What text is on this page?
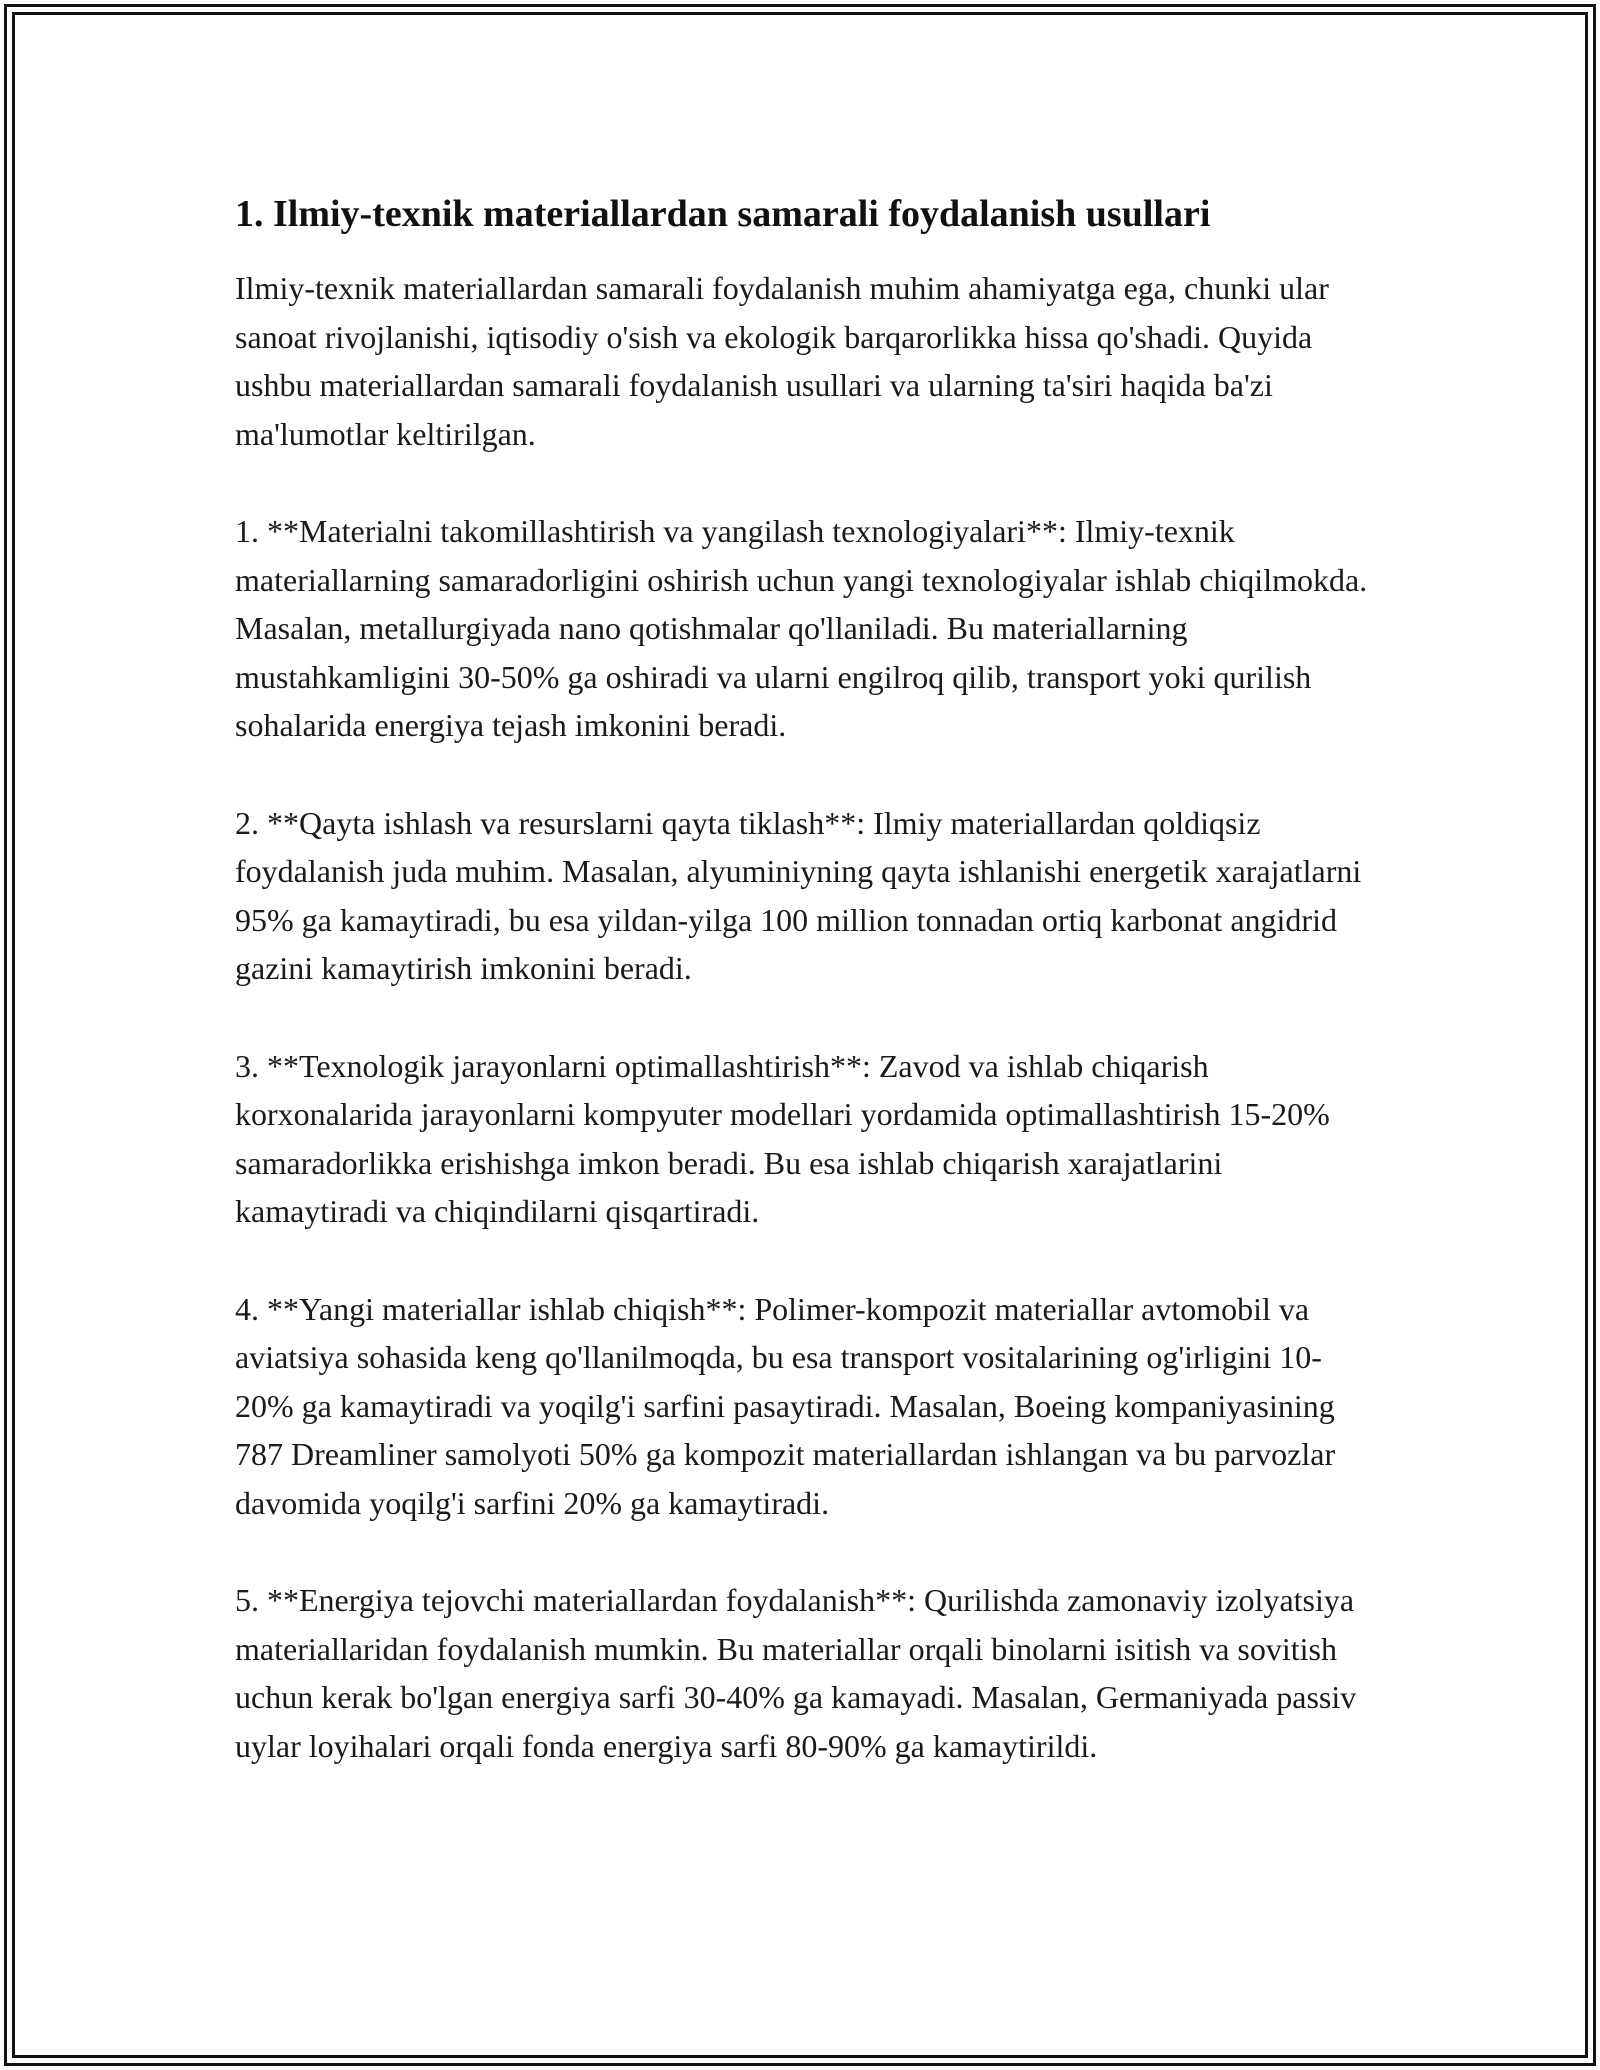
1. Ilmiy-texnik materiallardan samarali foydalanish usullari

Ilmiy-texnik materiallardan samarali foydalanish muhim ahamiyatga ega, chunki ular sanoat rivojlanishi, iqtisodiy o'sish va ekologik barqarorlikka hissa qo'shadi. Quyida ushbu materiallardan samarali foydalanish usullari va ularning ta'siri haqida ba'zi ma'lumotlar keltirilgan.

1. **Materialni takomillashtirish va yangilash texnologiyalari**: Ilmiy-texnik materiallarning samaradorligini oshirish uchun yangi texnologiyalar ishlab chiqilmokda. Masalan, metallurgiyada nano qotishmalar qo'llaniladi. Bu materiallarning mustahkamligini 30-50% ga oshiradi va ularni engilroq qilib, transport yoki qurilish sohalarida energiya tejash imkonini beradi.

2. **Qayta ishlash va resurslarni qayta tiklash**: Ilmiy materiallardan qoldiqsiz foydalanish juda muhim. Masalan, alyuminiyning qayta ishlanishi energetik xarajatlarni 95% ga kamaytiradi, bu esa yildan-yilga 100 million tonnadan ortiq karbonat angidrid gazini kamaytirish imkonini beradi.

3. **Texnologik jarayonlarni optimallashtirish**: Zavod va ishlab chiqarish korxonalarida jarayonlarni kompyuter modellari yordamida optimallashtirish 15-20% samaradorlikka erishishga imkon beradi. Bu esa ishlab chiqarish xarajatlarini kamaytiradi va chiqindilarni qisqartiradi.

4. **Yangi materiallar ishlab chiqish**: Polimer-kompozit materiallar avtomobil va aviatsiya sohasida keng qo'llanilmoqda, bu esa transport vositalarining og'irligini 10-20% ga kamaytiradi va yoqilg'i sarfini pasaytiradi. Masalan, Boeing kompaniyasining 787 Dreamliner samolyoti 50% ga kompozit materiallardan ishlangan va bu parvozlar davomida yoqilg'i sarfini 20% ga kamaytiradi.

5. **Energiya tejovchi materiallardan foydalanish**: Qurilishda zamonaviy izolyatsiya materiallaridan foydalanish mumkin. Bu materiallar orqali binolarni isitish va sovitish uchun kerak bo'lgan energiya sarfi 30-40% ga kamayadi. Masalan, Germaniyada passiv uylar loyihalari orqali fonda energiya sarfi 80-90% ga kamaytirildi.
